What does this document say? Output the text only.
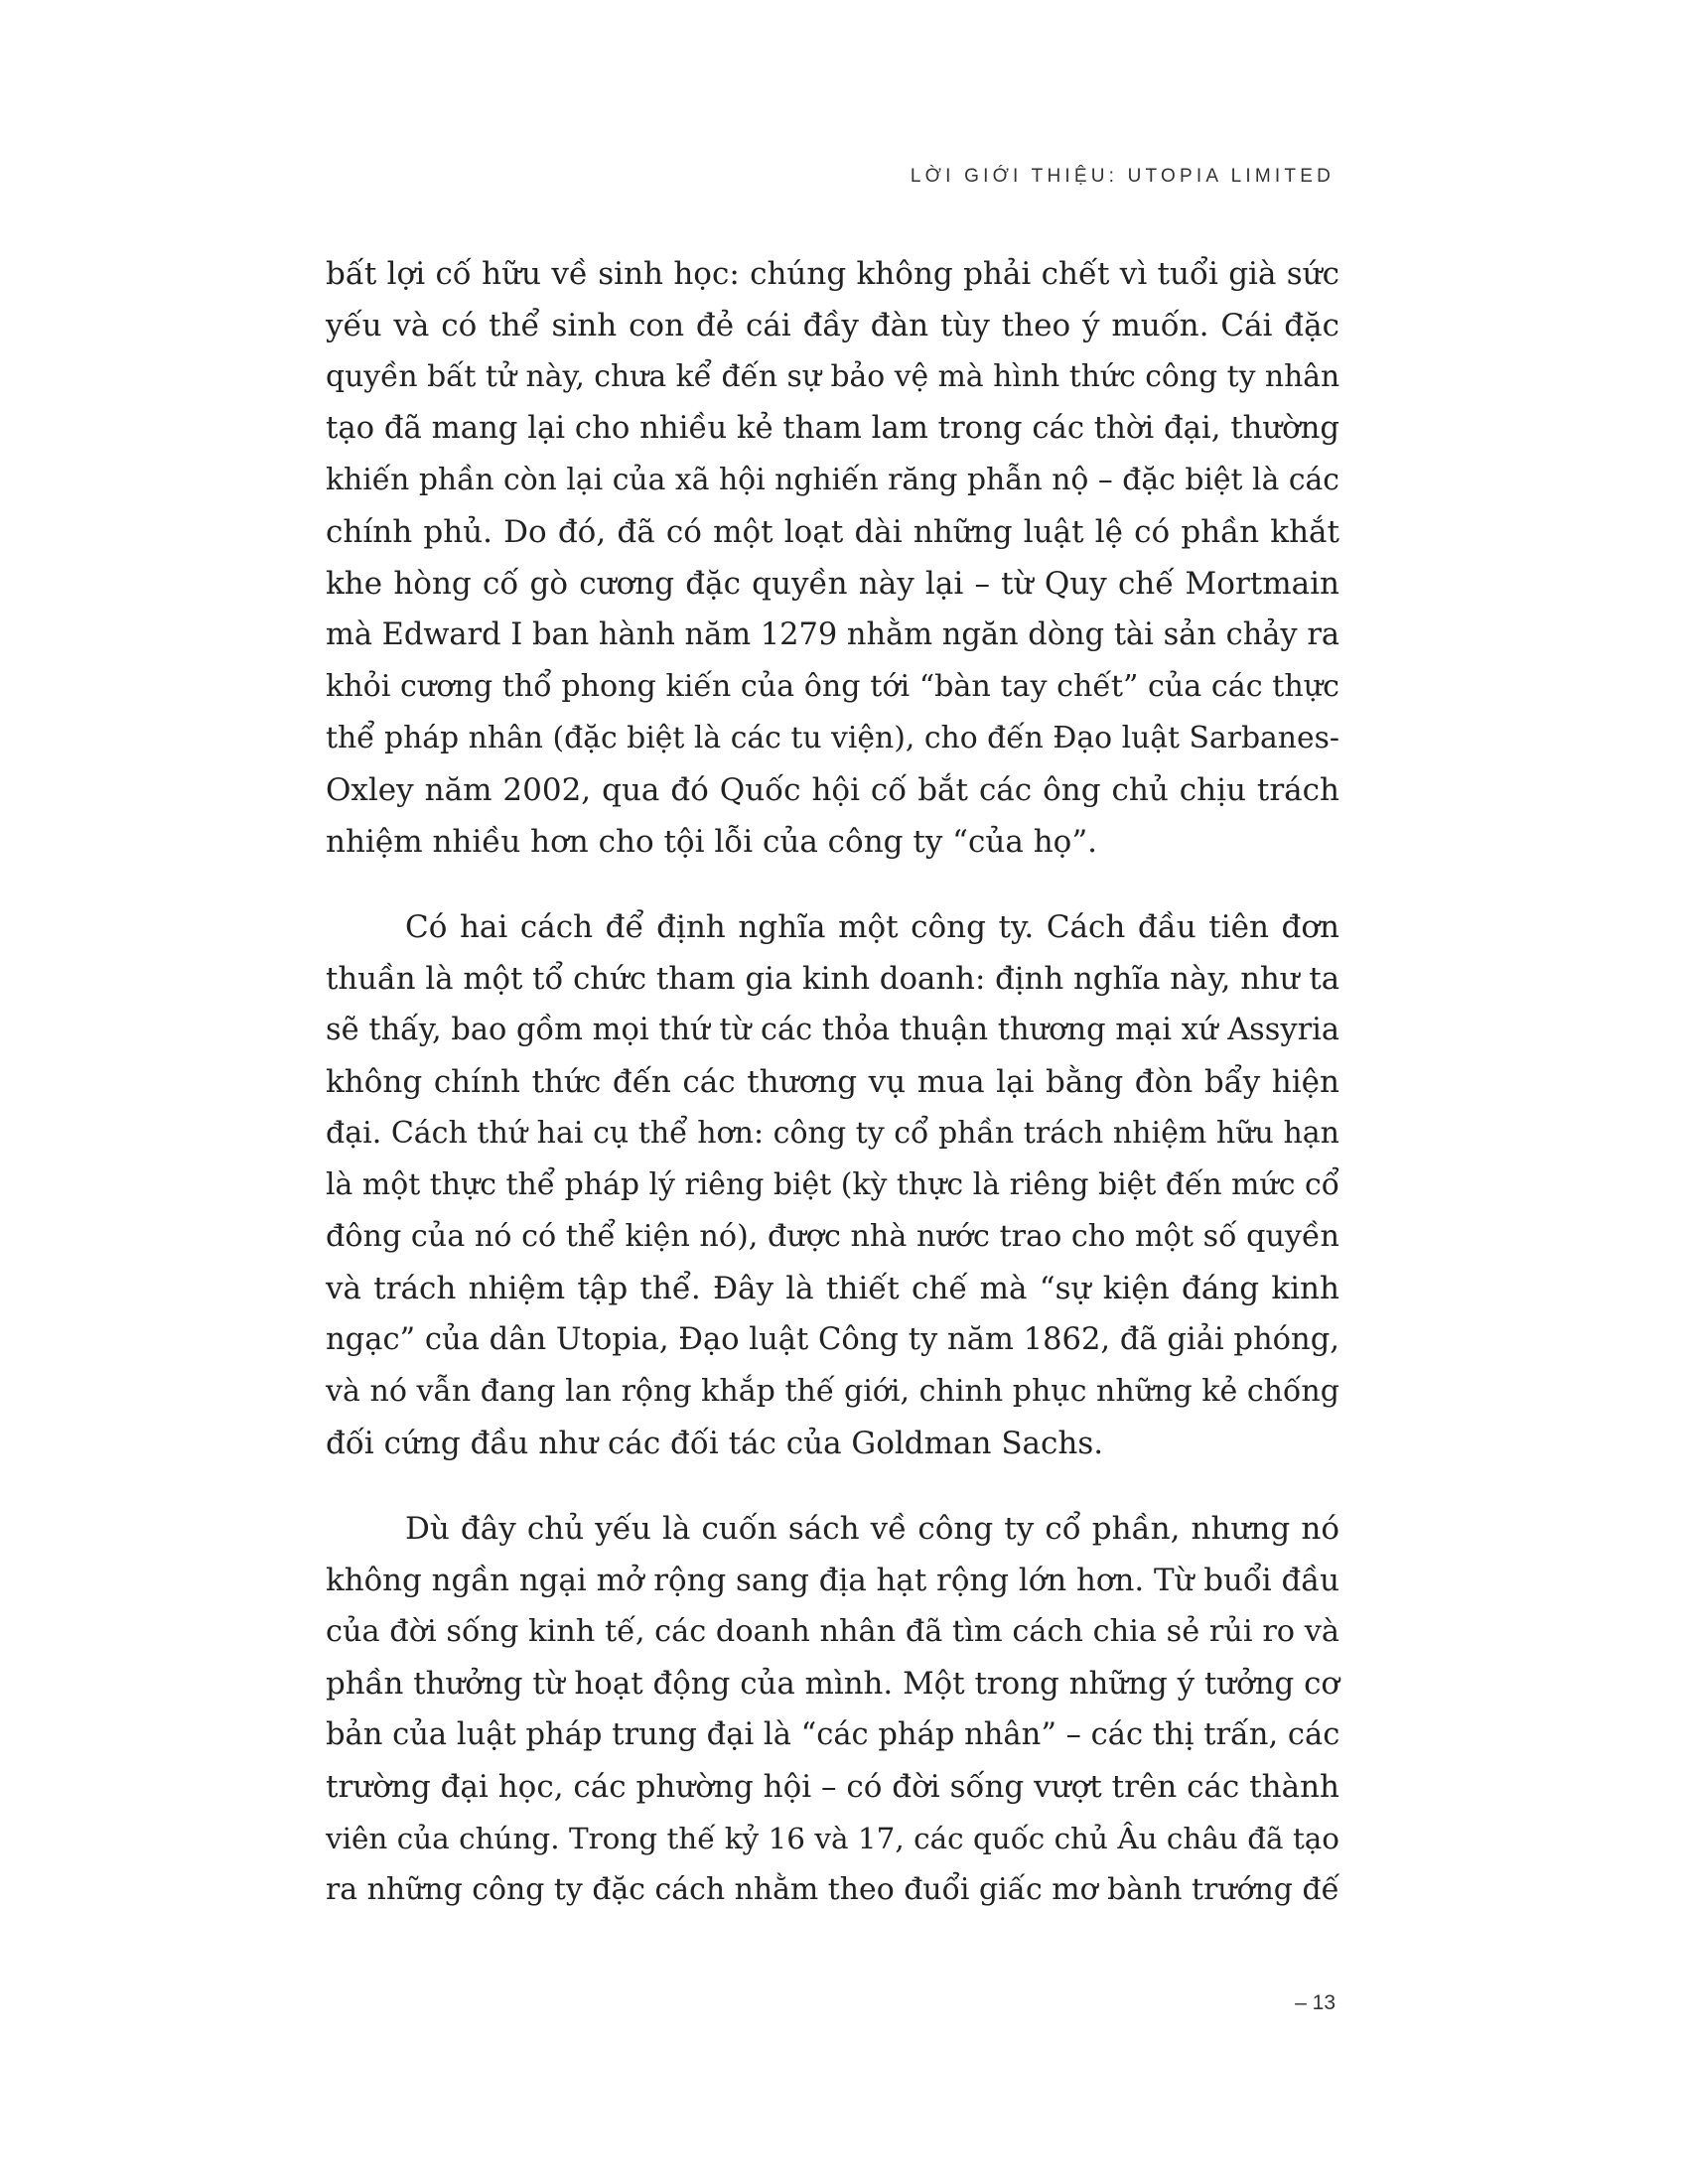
LỜI GIỚI THIỆU: UTOPIA LIMITED
bất lợi cố hữu về sinh học: chúng không phải chết vì tuổi già sức
yếu và có thể sinh con đẻ cái đầy đàn tùy theo ý muốn. Cái đặc
quyền bất tử này, chưa kể đến sự bảo vệ mà hình thức công ty nhân
tạo đã mang lại cho nhiều kẻ tham lam trong các thời đại, thường
khiến phần còn lại của xã hội nghiến răng phẫn nộ – đặc biệt là các
chính phủ. Do đó, đã có một loạt dài những luật lệ có phần khắt
khe hòng cố gò cương đặc quyền này lại – từ Quy chế Mortmain
mà Edward I ban hành năm 1279 nhằm ngăn dòng tài sản chảy ra
khỏi cương thổ phong kiến của ông tới “bàn tay chết” của các thực
thể pháp nhân (đặc biệt là các tu viện), cho đến Đạo luật Sarbanes-
Oxley năm 2002, qua đó Quốc hội cố bắt các ông chủ chịu trách
nhiệm nhiều hơn cho tội lỗi của công ty “của họ”.
Có hai cách để định nghĩa một công ty. Cách đầu tiên đơn
thuần là một tổ chức tham gia kinh doanh: định nghĩa này, như ta
sẽ thấy, bao gồm mọi thứ từ các thỏa thuận thương mại xứ Assyria
không chính thức đến các thương vụ mua lại bằng đòn bẩy hiện
đại. Cách thứ hai cụ thể hơn: công ty cổ phần trách nhiệm hữu hạn
là một thực thể pháp lý riêng biệt (kỳ thực là riêng biệt đến mức cổ
đông của nó có thể kiện nó), được nhà nước trao cho một số quyền
và trách nhiệm tập thể. Đây là thiết chế mà “sự kiện đáng kinh
ngạc” của dân Utopia, Đạo luật Công ty năm 1862, đã giải phóng,
và nó vẫn đang lan rộng khắp thế giới, chinh phục những kẻ chống
đối cứng đầu như các đối tác của Goldman Sachs.
Dù đây chủ yếu là cuốn sách về công ty cổ phần, nhưng nó
không ngần ngại mở rộng sang địa hạt rộng lớn hơn. Từ buổi đầu
của đời sống kinh tế, các doanh nhân đã tìm cách chia sẻ rủi ro và
phần thưởng từ hoạt động của mình. Một trong những ý tưởng cơ
bản của luật pháp trung đại là “các pháp nhân” – các thị trấn, các
trường đại học, các phường hội – có đời sống vượt trên các thành
viên của chúng. Trong thế kỷ 16 và 17, các quốc chủ Âu châu đã tạo
ra những công ty đặc cách nhằm theo đuổi giấc mơ bành trướng đế
– 13
